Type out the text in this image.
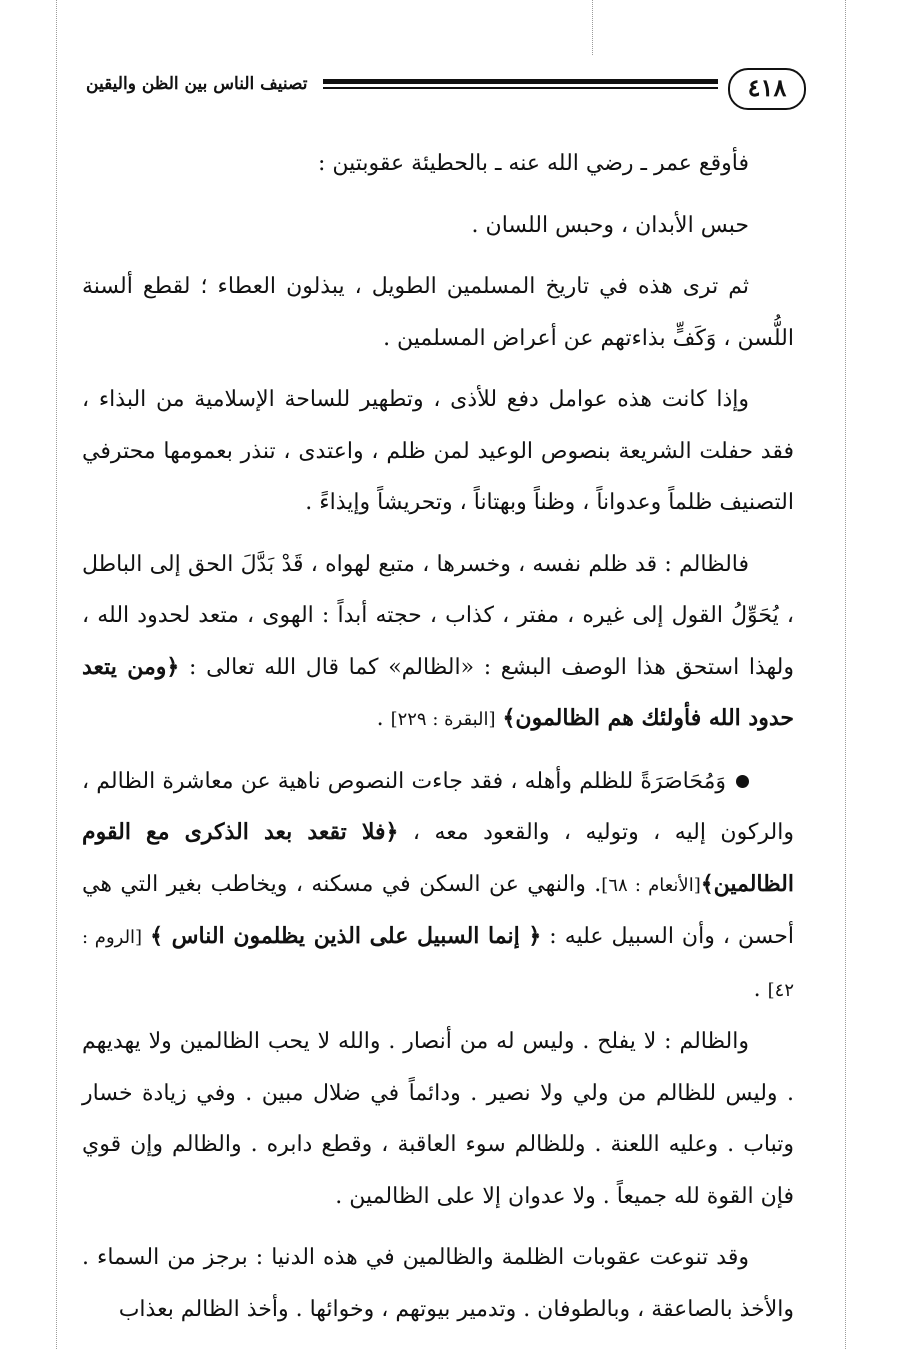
٤١٨
تصنيف الناس بين الظن واليقين

فأوقع عمر ـ رضي الله عنه ـ بالحطيئة عقوبتين :

حبس الأبدان ، وحبس اللسان .

ثم ترى هذه في تاريخ المسلمين الطويل ، يبذلون العطاء ؛ لقطع ألسنة اللُّسن ، وَكَفٍّ بذاءتهم عن أعراض المسلمين .

وإذا كانت هذه عوامل دفع للأذى ، وتطهير للساحة الإسلامية من البذاء ، فقد حفلت الشريعة بنصوص الوعيد لمن ظلم ، واعتدى ، تنذر بعمومها محترفي التصنيف ظلماً وعدواناً ، وظناً وبهتاناً ، وتحريشاً وإيذاءً .

فالظالم : قد ظلم نفسه ، وخسرها ، متبع لهواه ، قَدْ بَدَّلَ الحق إلى الباطل ، يُحَوِّلُ القول إلى غيره ، مفتر ، كذاب ، حجته أبداً : الهوى ، متعد لحدود الله ، ولهذا استحق هذا الوصف البشع : «الظالم» كما قال الله تعالى : ﴿ومن يتعد حدود الله فأولئك هم الظالمون﴾ [البقرة : ٢٢٩] .

وَمُحَاصَرَةً للظلم وأهله ، فقد جاءت النصوص ناهية عن معاشرة الظالم ، والركون إليه ، وتوليه ، والقعود معه ، ﴿فلا تقعد بعد الذكرى مع القوم الظالمين﴾[الأنعام : ٦٨]. والنهي عن السكن في مسكنه ، ويخاطب بغير التي هي أحسن ، وأن السبيل عليه : ﴿ إنما السبيل على الذين يظلمون الناس ﴾ [الروم : ٤٢] .

والظالم : لا يفلح . وليس له من أنصار . والله لا يحب الظالمين ولا يهديهم . وليس للظالم من ولي ولا نصير . ودائماً في ضلال مبين . وفي زيادة خسار وتباب . وعليه اللعنة . وللظالم سوء العاقبة ، وقطع دابره . والظالم وإن قوي فإن القوة لله جميعاً . ولا عدوان إلا على الظالمين .

وقد تنوعت عقوبات الظلمة والظالمين في هذه الدنيا : برجز من السماء . والأخذ بالصاعقة ، وبالطوفان . وتدمير بيوتهم ، وخوائها . وأخذ الظالم بعذاب
